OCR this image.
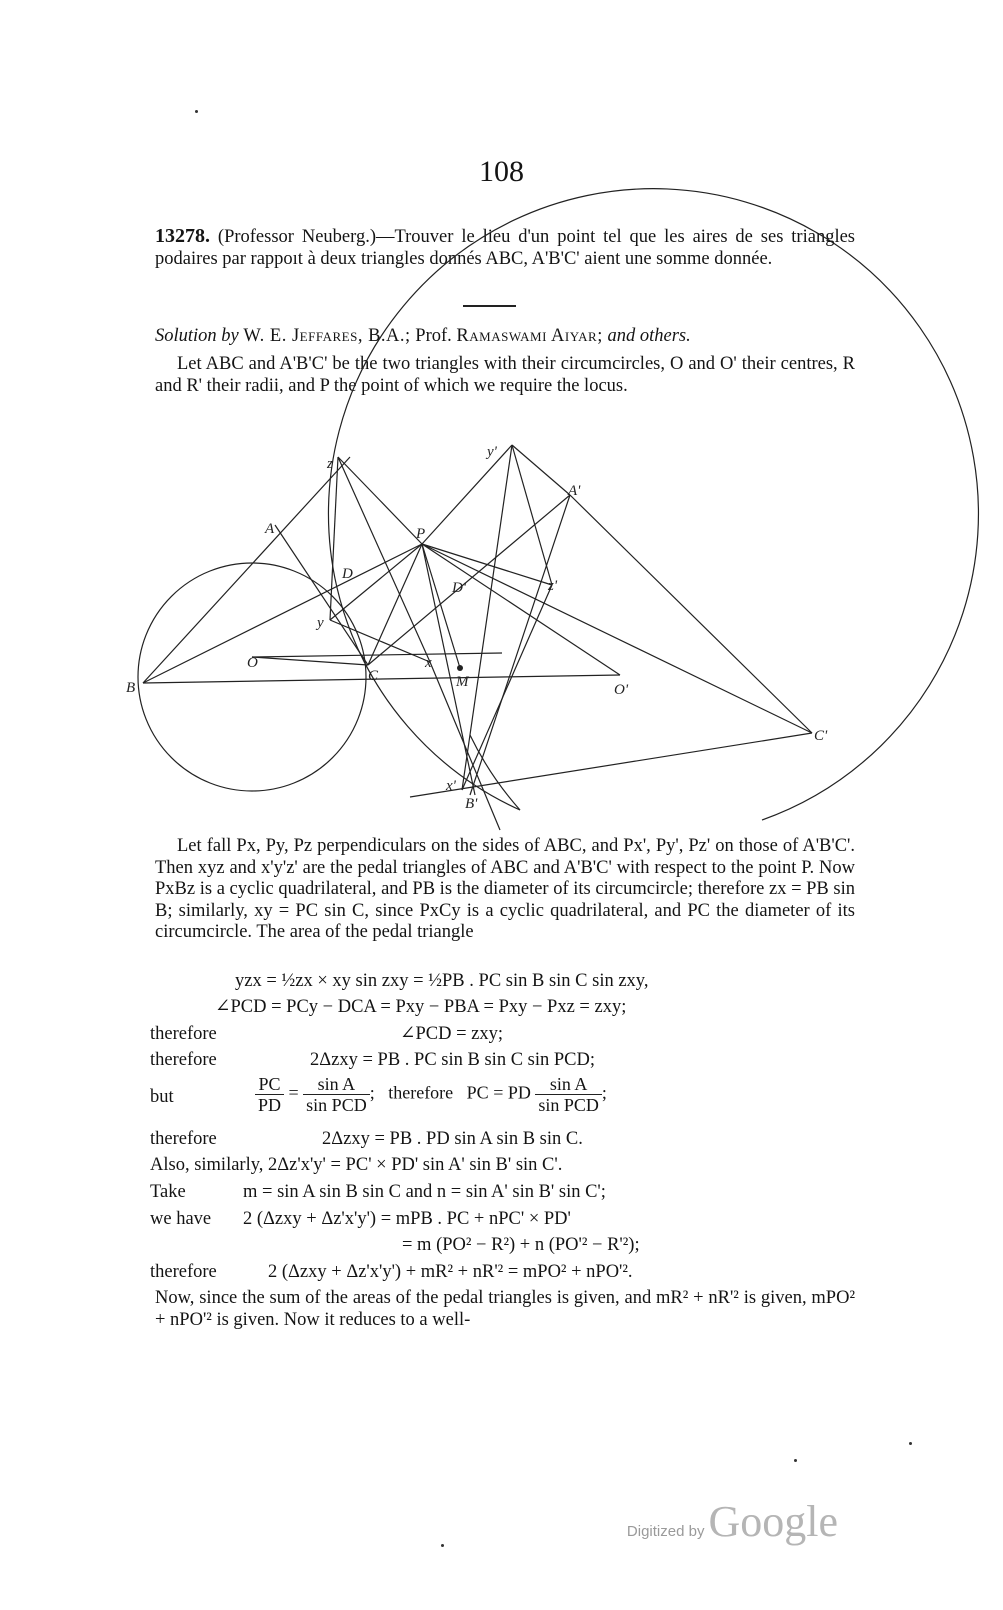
108
13278. (Professor Neuberg.)—Trouver le lieu d'un point tel que les aires de ses triangles podaires par rappoıt à deux triangles donnés ABC, A'B'C' aient une somme donnée.
Solution by W. E. Jeffares, B.A.; Prof. Ramaswami Aiyar; and others.
Let ABC and A'B'C' be the two triangles with their circumcircles, O and O' their centres, R and R' their radii, and P the point of which we require the locus.
z
y'
A
A'
P
D
D'	z'
y
O
C
x
M	O'
B
C'
x'
B'
Let fall Px, Py, Pz perpendiculars on the sides of ABC, and Px', Py', Pz' on those of A'B'C'. Then xyz and x'y'z' are the pedal triangles of ABC and A'B'C' with respect to the point P. Now PxBz is a cyclic quadrilateral, and PB is the diameter of its circumcircle; therefore zx = PB sin B; similarly, xy = PC sin C, since PxCy is a cyclic quadrilateral, and PC the diameter of its circumcircle. The area of the pedal triangle
yzx = ½zx × xy sin zxy = ½PB . PC sin B sin C sin zxy,
∠PCD = PCy − DCA = Pxy − PBA = Pxy − Pxz = zxy;
therefore	∠PCD = zxy;
therefore	2Δzxy = PB . PC sin B sin C sin PCD;
but	$\frac{PC}{PD} = \frac{\text{sin A}}{\text{sin PCD}}$ ;   therefore PC = PD $\frac{\text{sin A}}{\text{sin PCD}}$ ;
therefore	2Δzxy = PB . PD sin A sin B sin C.
Also, similarly, 2Δz'x'y' = PC' × PD' sin A' sin B' sin C'.
Take	m = sin A sin B sin C and n = sin A' sin B' sin C';
we have 2 (Δzxy + Δz'x'y') = mPB . PC + nPC' × PD'
= m (PO² − R²) + n (PO'² − R'²);
therefore	2 (Δzxy + Δz'x'y') + mR² + nR'² = mPO² + nPO'².
Now, since the sum of the areas of the pedal triangles is given, and mR² + nR'² is given, mPO² + nPO'² is given. Now it reduces to a well-
Digitized by Google
